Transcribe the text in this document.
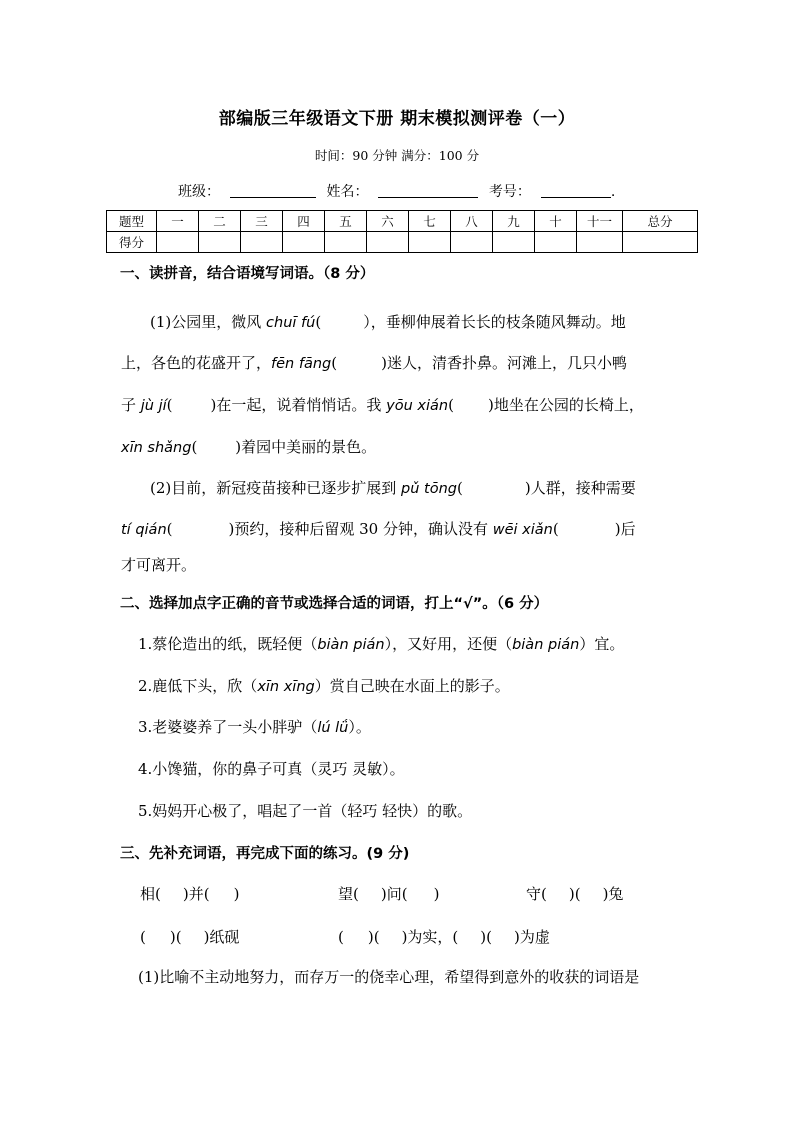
部编版三年级语文下册 期末模拟测评卷（一）
时间：90 分钟 满分：100 分
班级：	姓名：	考号：	.
题型	一	二	三	四	五	六	七	八	九	十	十一	总分
得分												
一、读拼音，结合语境写词语。（8 分）
(1)公园里，微风 chuī fú(	），垂柳伸展着长长的枝条随风舞动。地
上，各色的花盛开了，fēn fāng(	)迷人，清香扑鼻。河滩上，几只小鸭
子 jù jí(	)在一起，说着悄悄话。我 yōu xián( )地坐在公园的长椅上，
xīn shǎng(	)着园中美丽的景色。
(2)目前，新冠疫苗接种已逐步扩展到 pǔ tōng(	)人群，接种需要
tí qián(	)预约，接种后留观 30 分钟，确认没有 wēi xiǎn(	)后
才可离开。
二、选择加点字正确的音节或选择合适的词语，打上“√”。（6 分）
1.蔡伦造出的纸，既轻便（biàn pián），又好用，还便（biàn pián）宜。
2.鹿低下头，欣（xīn xīng）赏自己映在水面上的影子。
3.老婆婆养了一头小胖驴（lú lǘ）。
4.小馋猫，你的鼻子可真（灵巧 灵敏）。
5.妈妈开心极了，唱起了一首（轻巧 轻快）的歌。
三、先补充词语，再完成下面的练习。(9 分)
相( )并( )	望( )问( )	守( )( )兔
( )( )纸砚	( )( )为实，( )( )为虚
(1)比喻不主动地努力，而存万一的侥幸心理，希望得到意外的收获的词语是
